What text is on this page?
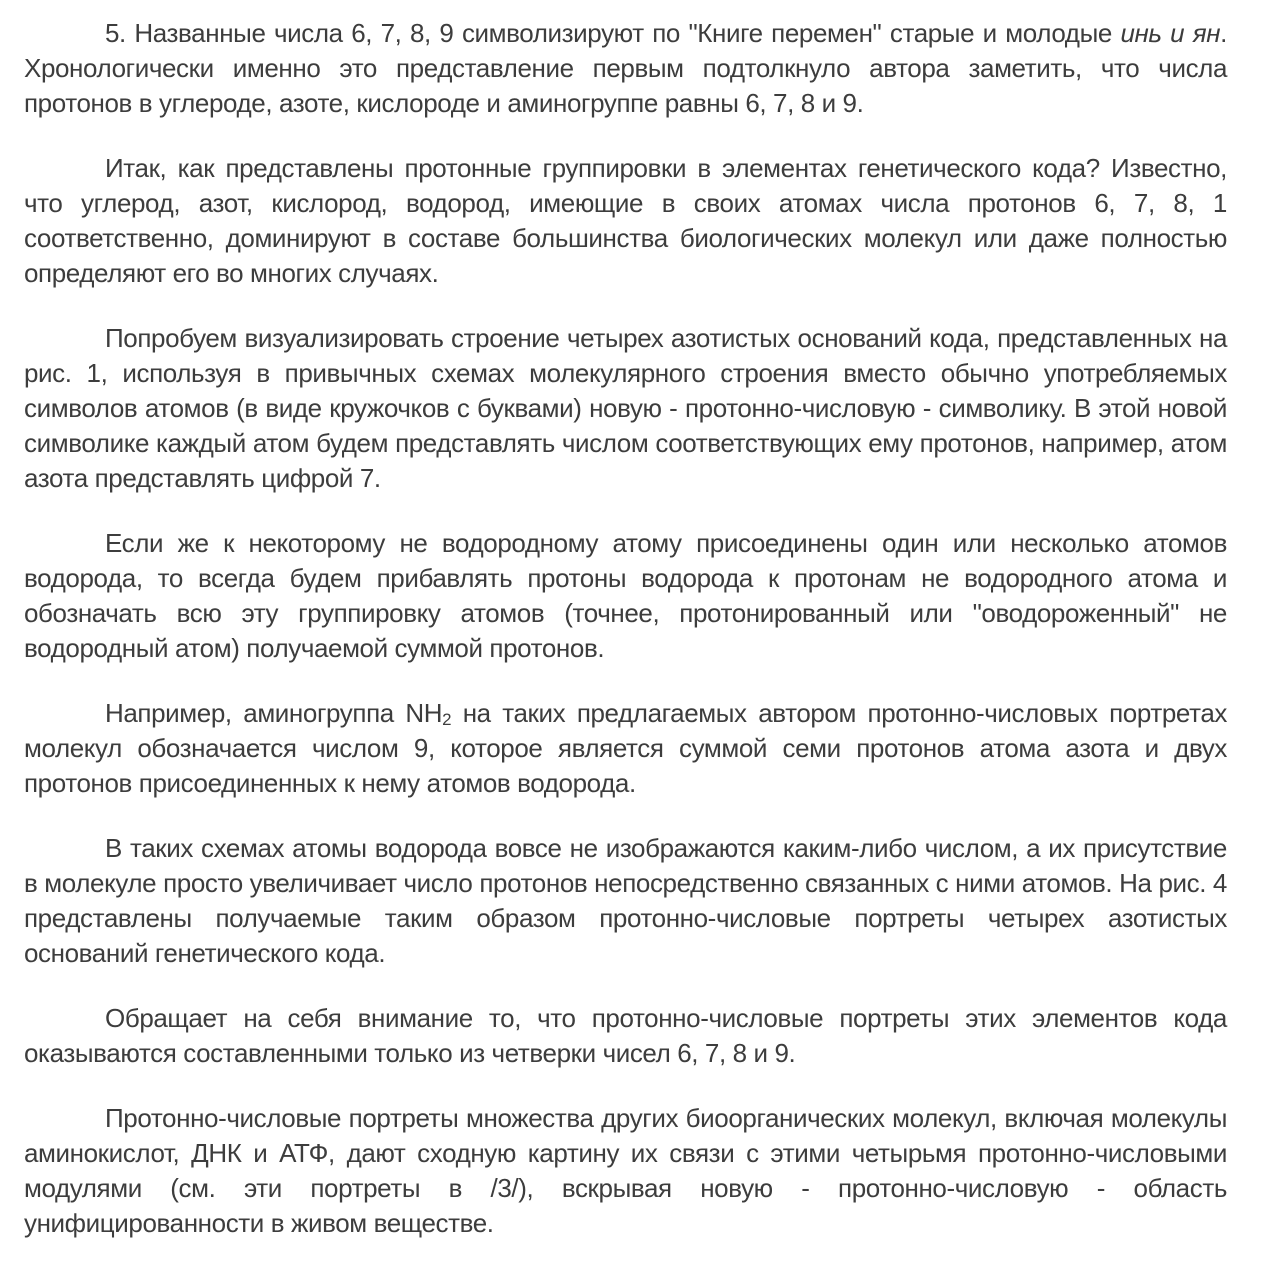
5. Названные числа 6, 7, 8, 9 символизируют по "Книге перемен" старые и молодые инь и ян. Хронологически именно это представление первым подтолкнуло автора заметить, что числа протонов в углероде, азоте, кислороде и аминогруппе равны 6, 7, 8 и 9.

Итак, как представлены протонные группировки в элементах генетического кода? Известно, что углерод, азот, кислород, водород, имеющие в своих атомах числа протонов 6, 7, 8, 1 соответственно, доминируют в составе большинства биологических молекул или даже полностью определяют его во многих случаях.

Попробуем визуализировать строение четырех азотистых оснований кода, представленных на рис. 1, используя в привычных схемах молекулярного строения вместо обычно употребляемых символов атомов (в виде кружочков с буквами) новую - протонно-числовую - символику. В этой новой символике каждый атом будем представлять числом соответствующих ему протонов, например, атом азота представлять цифрой 7.

Если же к некоторому не водородному атому присоединены один или несколько атомов водорода, то всегда будем прибавлять протоны водорода к протонам не водородного атома и обозначать всю эту группировку атомов (точнее, протонированный или "оводороженный" не водородный атом) получаемой суммой протонов.

Например, аминогруппа $NH_2$ на таких предлагаемых автором протонно-числовых портретах молекул обозначается числом 9, которое является суммой семи протонов атома азота и двух протонов присоединенных к нему атомов водорода.

В таких схемах атомы водорода вовсе не изображаются каким-либо числом, а их присутствие в молекуле просто увеличивает число протонов непосредственно связанных с ними атомов. На рис. 4 представлены получаемые таким образом протонно-числовые портреты четырех азотистых оснований генетического кода.

Обращает на себя внимание то, что протонно-числовые портреты этих элементов кода оказываются составленными только из четверки чисел 6, 7, 8 и 9.

Протонно-числовые портреты множества других биоорганических молекул, включая молекулы аминокислот, ДНК и АТФ, дают сходную картину их связи с этими четырьмя протонно-числовыми модулями (см. эти портреты в /3/), вскрывая новую - протонно-числовую - область унифицированности в живом веществе.
